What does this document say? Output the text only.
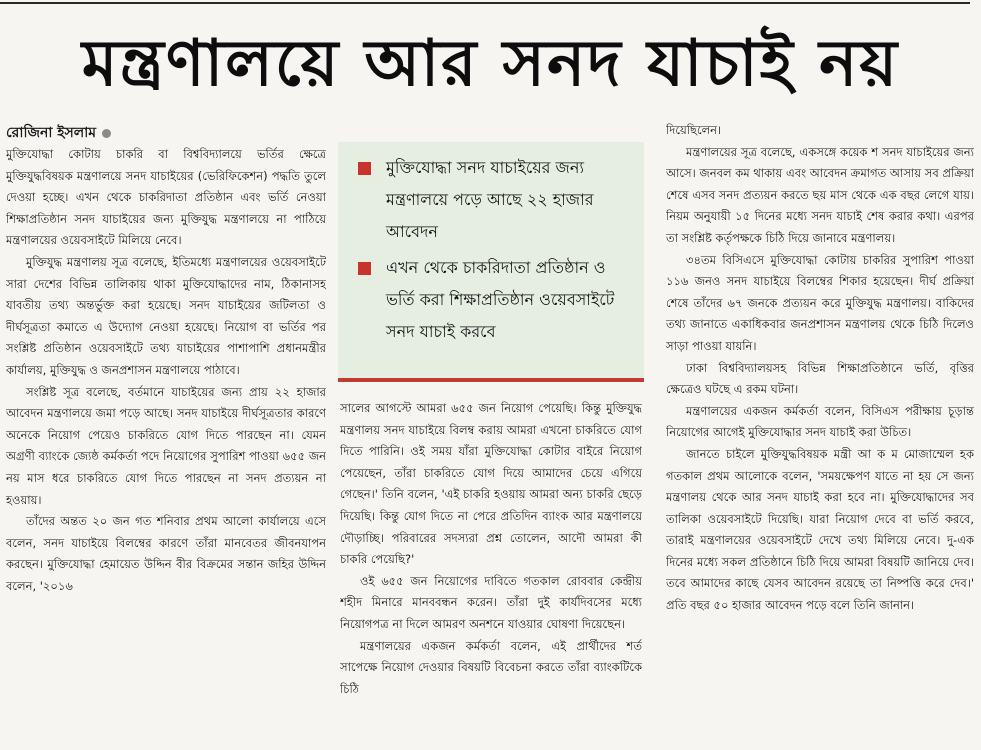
মন্ত্রণালয়ে আর সনদ যাচাই নয়
রোজিনা ইসলাম

মুক্তিযোদ্ধা কোটায় চাকরি বা বিশ্ববিদ্যালয়ে ভর্তির ক্ষেত্রে মুক্তিযুদ্ধবিষয়ক মন্ত্রণালয়ে সনদ যাচাইয়ের (ভেরিফিকেশন) পদ্ধতি তুলে দেওয়া হচ্ছে। এখন থেকে চাকরিদাতা প্রতিষ্ঠান এবং ভর্তি নেওয়া শিক্ষাপ্রতিষ্ঠান সনদ যাচাইয়ের জন্য মুক্তিযুদ্ধ মন্ত্রণালয়ে না পাঠিয়ে মন্ত্রণালয়ের ওয়েবসাইটে মিলিয়ে নেবে।

মুক্তিযুদ্ধ মন্ত্রণালয় সূত্র বলেছে, ইতিমধ্যে মন্ত্রণালয়ের ওয়েবসাইটে সারা দেশের বিভিন্ন তালিকায় থাকা মুক্তিযোদ্ধাদের নাম, ঠিকানাসহ যাবতীয় তথ্য অন্তর্ভুক্ত করা হয়েছে। সনদ যাচাইয়ের জটিলতা ও দীর্ঘসূত্রতা কমাতে এ উদ্যোগ নেওয়া হয়েছে। নিয়োগ বা ভর্তির পর সংশ্লিষ্ট প্রতিষ্ঠান ওয়েবসাইটে তথ্য যাচাইয়ের পাশাপাশি প্রধানমন্ত্রীর কার্যালয়, মুক্তিযুদ্ধ ও জনপ্রশাসন মন্ত্রণালয়ে পাঠাবে।

সংশ্লিষ্ট সূত্র বলেছে, বর্তমানে যাচাইয়ের জন্য প্রায় ২২ হাজার আবেদন মন্ত্রণালয়ে জমা পড়ে আছে। সনদ যাচাইয়ে দীর্ঘসূত্রতার কারণে অনেকে নিয়োগ পেয়েও চাকরিতে যোগ দিতে পারছেন না। যেমন অগ্রণী ব্যাংকে জ্যেষ্ঠ কর্মকর্তা পদে নিয়োগের সুপারিশ পাওয়া ৬৫৫ জন নয় মাস ধরে চাকরিতে যোগ দিতে পারছেন না সনদ প্রত্যয়ন না হওয়ায়।

তাঁদের অন্তত ২০ জন গত শনিবার প্রথম আলো কার্যালয়ে এসে বলেন, সনদ যাচাইয়ে বিলম্বের কারণে তাঁরা মানবেতর জীবনযাপন করছেন। মুক্তিযোদ্ধা হেমায়েত উদ্দিন বীর বিক্রমের সন্তান জহির উদ্দিন বলেন, '২০১৬

মুক্তিযোদ্ধা সনদ যাচাইয়ের জন্য মন্ত্রণালয়ে পড়ে আছে ২২ হাজার আবেদন
এখন থেকে চাকরিদাতা প্রতিষ্ঠান ও ভর্তি করা শিক্ষাপ্রতিষ্ঠান ওয়েবসাইটে সনদ যাচাই করবে

সালের আগস্টে আমরা ৬৫৫ জন নিয়োগ পেয়েছি। কিন্তু মুক্তিযুদ্ধ মন্ত্রণালয় সনদ যাচাইয়ে বিলম্ব করায় আমরা এখনো চাকরিতে যোগ দিতে পারিনি। ওই সময় যাঁরা মুক্তিযোদ্ধা কোটার বাইরে নিয়োগ পেয়েছেন, তাঁরা চাকরিতে যোগ দিয়ে আমাদের চেয়ে এগিয়ে গেছেন।' তিনি বলেন, 'এই চাকরি হওয়ায় আমরা অন্য চাকরি ছেড়ে দিয়েছি। কিন্তু যোগ দিতে না পেরে প্রতিদিন ব্যাংক আর মন্ত্রণালয়ে দৌড়াচ্ছি। পরিবারের সদস্যরা প্রশ্ন তোলেন, আদৌ আমরা কী চাকরি পেয়েছি?'

ওই ৬৫৫ জন নিয়োগের দাবিতে গতকাল রোববার কেন্দ্রীয় শহীদ মিনারে মানববন্ধন করেন। তাঁরা দুই কার্যদিবসের মধ্যে নিয়োগপত্র না দিলে আমরণ অনশনে যাওয়ার ঘোষণা দিয়েছেন।

মন্ত্রণালয়ের একজন কর্মকর্তা বলেন, এই প্রার্থীদের শর্ত সাপেক্ষে নিয়োগ দেওয়ার বিষয়টি বিবেচনা করতে তাঁরা ব্যাংকটিকে চিঠি

দিয়েছিলেন।

মন্ত্রণালয়ের সূত্র বলেছে, একসঙ্গে কয়েক শ সনদ যাচাইয়ের জন্য আসে। জনবল কম থাকায় এবং আবেদন ক্রমাগত আসায় সব প্রক্রিয়া শেষে এসব সনদ প্রত্যয়ন করতে ছয় মাস থেকে এক বছর লেগে যায়। নিয়ম অনুযায়ী ১৫ দিনের মধ্যে সনদ যাচাই শেষ করার কথা। এরপর তা সংশ্লিষ্ট কর্তৃপক্ষকে চিঠি দিয়ে জানাবে মন্ত্রণালয়।

৩৪তম বিসিএসে মুক্তিযোদ্ধা কোটায় চাকরির সুপারিশ পাওয়া ১১৬ জনও সনদ যাচাইয়ে বিলম্বের শিকার হয়েছেন। দীর্ঘ প্রক্রিয়া শেষে তাঁদের ৬৭ জনকে প্রত্যয়ন করে মুক্তিযুদ্ধ মন্ত্রণালয়। বাকিদের তথ্য জানাতে একাধিকবার জনপ্রশাসন মন্ত্রণালয় থেকে চিঠি দিলেও সাড়া পাওয়া যায়নি।

ঢাকা বিশ্ববিদ্যালয়সহ বিভিন্ন শিক্ষাপ্রতিষ্ঠানে ভর্তি, বৃত্তির ক্ষেত্রেও ঘটছে এ রকম ঘটনা।

মন্ত্রণালয়ের একজন কর্মকর্তা বলেন, বিসিএস পরীক্ষায় চূড়ান্ত নিয়োগের আগেই মুক্তিযোদ্ধার সনদ যাচাই করা উচিত।

জানতে চাইলে মুক্তিযুদ্ধবিষয়ক মন্ত্রী আ ক ম মোজাম্মেল হক গতকাল প্রথম আলোকে বলেন, 'সময়ক্ষেপণ যাতে না হয় সে জন্য মন্ত্রণালয় থেকে আর সনদ যাচাই করা হবে না। মুক্তিযোদ্ধাদের সব তালিকা ওয়েবসাইটে দিয়েছি। যারা নিয়োগ দেবে বা ভর্তি করবে, তারাই মন্ত্রণালয়ের ওয়েবসাইটে দেখে তথ্য মিলিয়ে নেবে। দু-এক দিনের মধ্যে সকল প্রতিষ্ঠানে চিঠি দিয়ে আমরা বিষয়টি জানিয়ে দেব। তবে আমাদের কাছে যেসব আবেদন রয়েছে তা নিষ্পত্তি করে দেব।' প্রতি বছর ৫০ হাজার আবেদন পড়ে বলে তিনি জানান।
